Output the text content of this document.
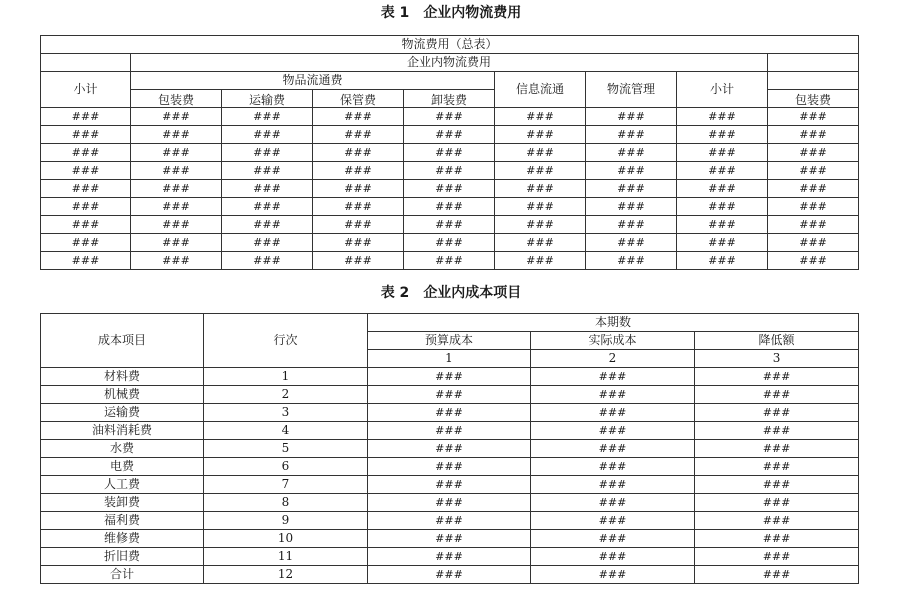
表 1 企业内物流费用
物流费用（总表）								
	企业内物流费用							
小计	物品流通费				信息流通	物流管理	小计	
	包装费	运输费	保管费	卸装费				包装费
###	###	###	###	###	###	###	###	###
###	###	###	###	###	###	###	###	###
###	###	###	###	###	###	###	###	###
###	###	###	###	###	###	###	###	###
###	###	###	###	###	###	###	###	###
###	###	###	###	###	###	###	###	###
###	###	###	###	###	###	###	###	###
###	###	###	###	###	###	###	###	###
###	###	###	###	###	###	###	###	###
表 2 企业内成本项目
成本项目	行次	本期数		
		预算成本	实际成本	降低额
		1	2	3
材料费	1	###	###	###
机械费	2	###	###	###
运输费	3	###	###	###
油料消耗费	4	###	###	###
水费	5	###	###	###
电费	6	###	###	###
人工费	7	###	###	###
装卸费	8	###	###	###
福利费	9	###	###	###
维修费	10	###	###	###
折旧费	11	###	###	###
合计	12	###	###	###
